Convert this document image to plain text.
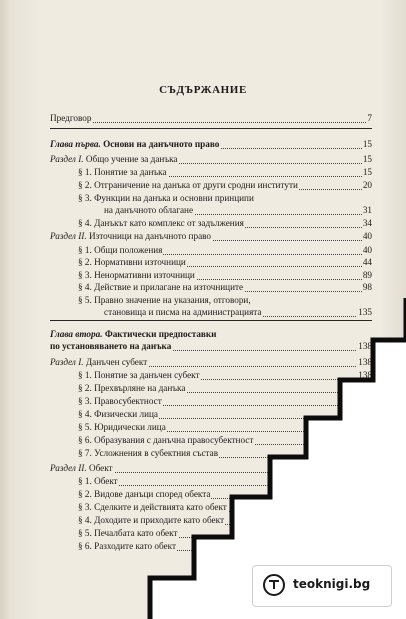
СЪДЪРЖАНИЕ
Предговор	7
Глава първа. Основи на данъчното право	15
Раздел I. Общо учение за данъка	15
§ 1. Понятие за данъка	15
§ 2. Отграничение на данъка от други сродни институти	20
§ 3. Функции на данъка и основни принципи
на данъчното облагане	31
§ 4. Данъкът като комплекс от задължения	34
Раздел II. Източници на данъчното право	40
§ 1. Общи положения	40
§ 2. Нормативни източници	44
§ 3. Ненормативни източници	89
§ 4. Действие и прилагане на източниците	98
§ 5. Правно значение на указания, отговори,
становища и писма на администрацията	135
Глава втора. Фактически предпоставки
по установяването на данъка	138
Раздел I. Данъчен субект	138
§ 1. Понятие за данъчен субект	138
§ 2. Прехвърляне на данъка
§ 3. Правосубектност
§ 4. Физически лица
§ 5. Юридически лица
§ 6. Образувания с данъчна правосубектност
§ 7. Усложнения в субектния състав
Раздел II. Обект
§ 1. Обект
§ 2. Видове данъци според обекта
§ 3. Сделките и действията като обект
§ 4. Доходите и приходите като обект
§ 5. Печалбата като обект
§ 6. Разходите като обект
teoknigi.bg
